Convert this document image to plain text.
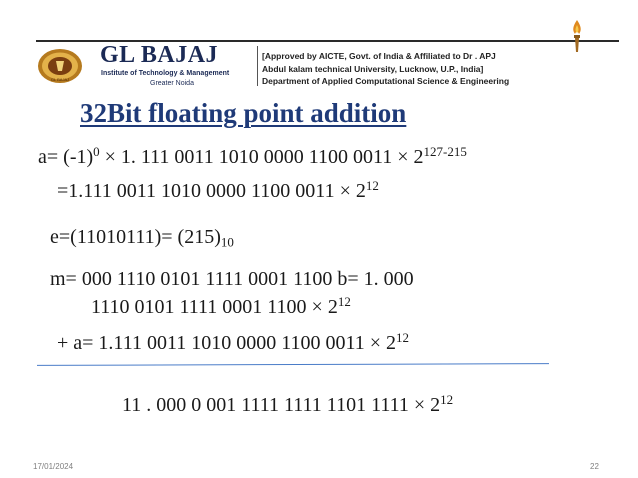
GL BAJAJ
GL BAJAJ
Institute of Technology & Management
Greater Noida
[Approved by AICTE, Govt. of India & Affiliated to Dr . APJ
Abdul kalam technical University, Lucknow, U.P., India]
Department of Applied Computational Science & Engineering
32Bit floating point addition
$a= (-1)^0 \times 1$. 111 0011 1010 0000 1100 $0011 \times 2^{127-215}$
=1.111 0011 1010 0000 1100 $0011 \times 2^{12}$
$e=(11010111)= (215)_{10}$
m= 000 1110 0101 1111 0001 1100 b= 1. 000
1110 0101 1111 0001 $1100 \times 2^{12}$
+ a= 1.111 0011 1010 0000 1100 $0011 \times 2^{12}$
11 . 000 0 001 1111 1111 1101 $1111 \times 2^{12}$
17/01/2024	22
